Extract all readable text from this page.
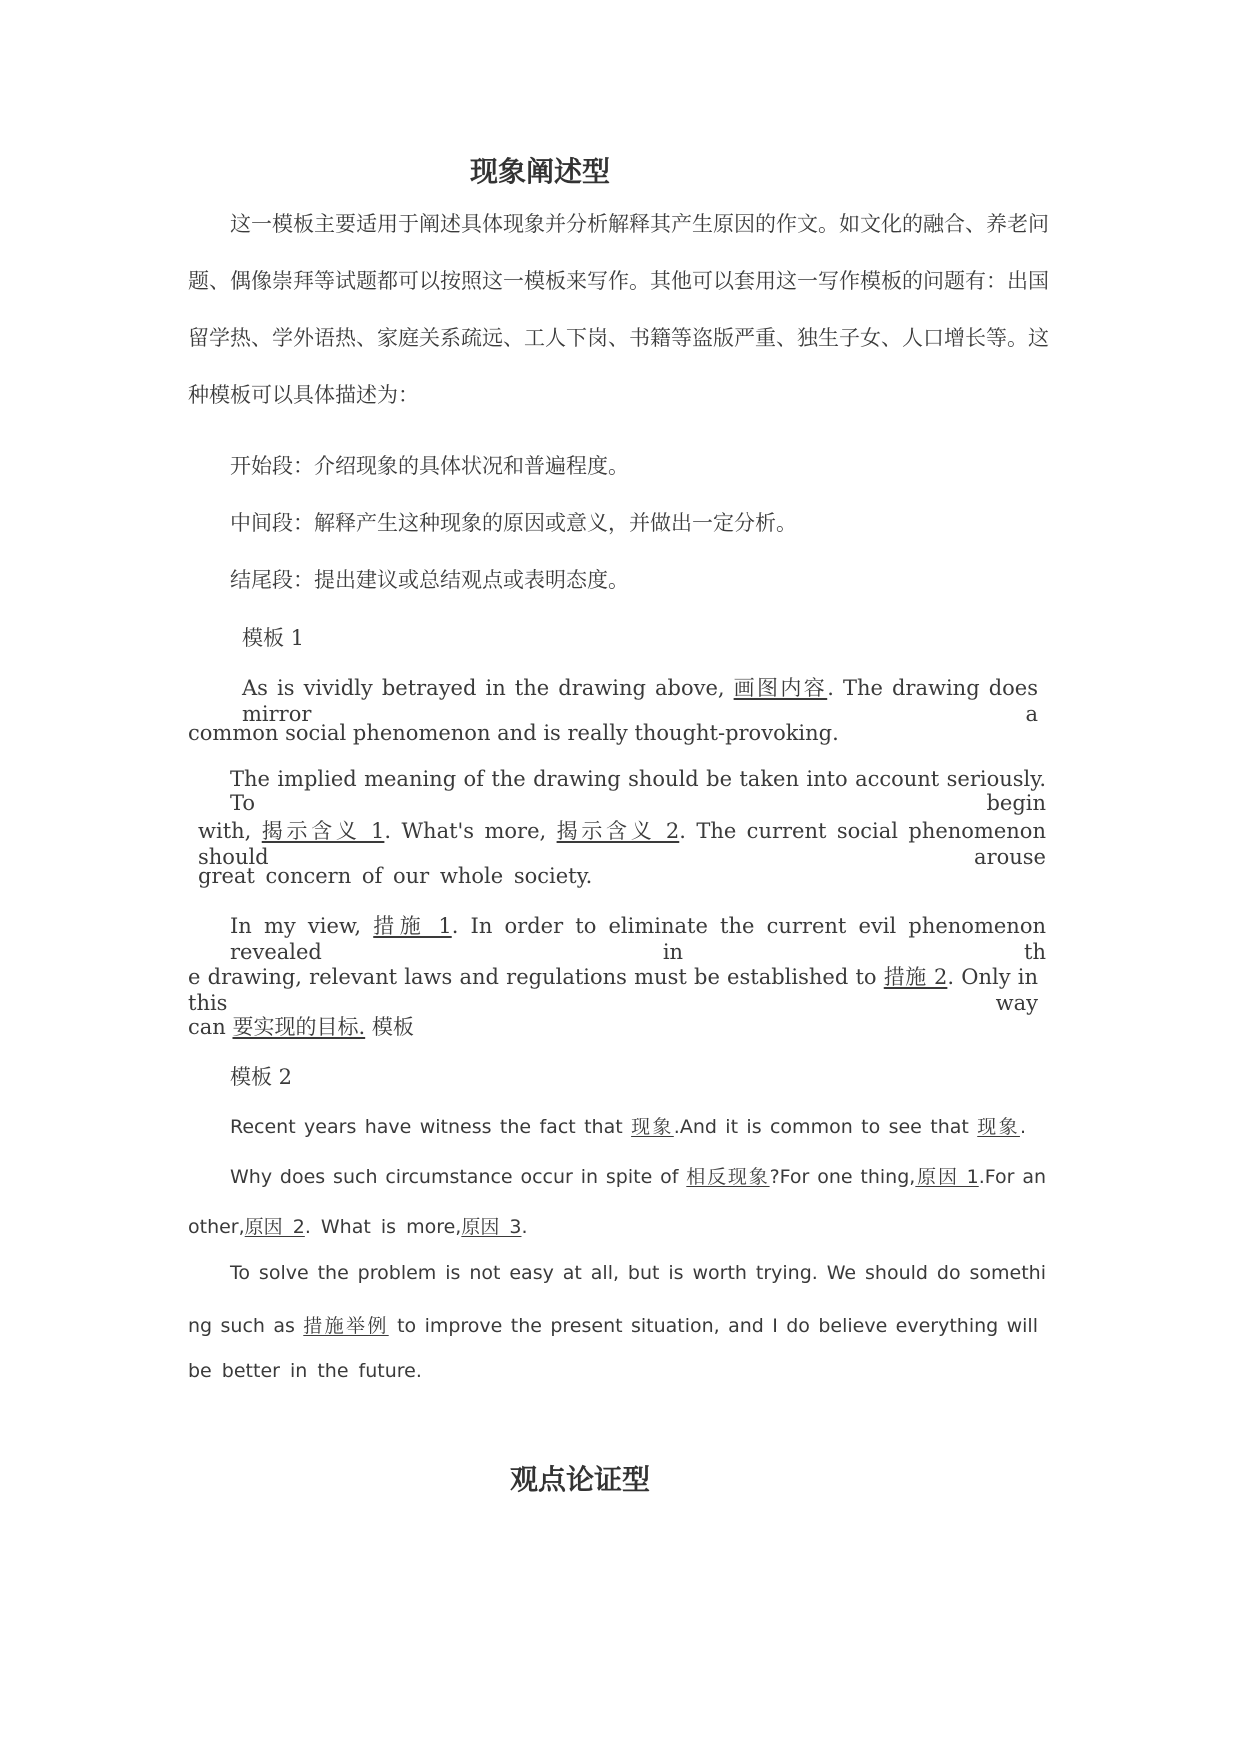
现象阐述型
这一模板主要适用于阐述具体现象并分析解释其产生原因的作文。如文化的融合、养老问题、偶像崇拜等试题都可以按照这一模板来写作。其他可以套用这一写作模板的问题有：出国留学热、学外语热、家庭关系疏远、工人下岗、书籍等盗版严重、独生子女、人口增长等。这种模板可以具体描述为：
开始段：介绍现象的具体状况和普遍程度。
中间段：解释产生这种现象的原因或意义，并做出一定分析。
结尾段：提出建议或总结观点或表明态度。
模板 1
As is vividly betrayed in the drawing above, 画图内容. The drawing does mirror a
common social phenomenon and is really thought-provoking.
The implied meaning of the drawing should be taken into account seriously. To begin
with, 揭示含义 1. What's more, 揭示含义 2. The current social phenomenon should arouse
great concern of our whole society.
In my view, 措施 1. In order to eliminate the current evil phenomenon revealed in th
e drawing, relevant laws and regulations must be established to 措施 2. Only in this way
can 要实现的目标. 模板
模板 2
Recent years have witness the fact that 现象.And it is common to see that 现象.
Why does such circumstance occur in spite of 相反现象?For one thing,原因 1.For an
other,原因 2. What is more,原因 3.
To solve the problem is not easy at all, but is worth trying. We should do somethi
ng such as 措施举例 to improve the present situation, and I do believe everything will
be better in the future.
观点论证型
